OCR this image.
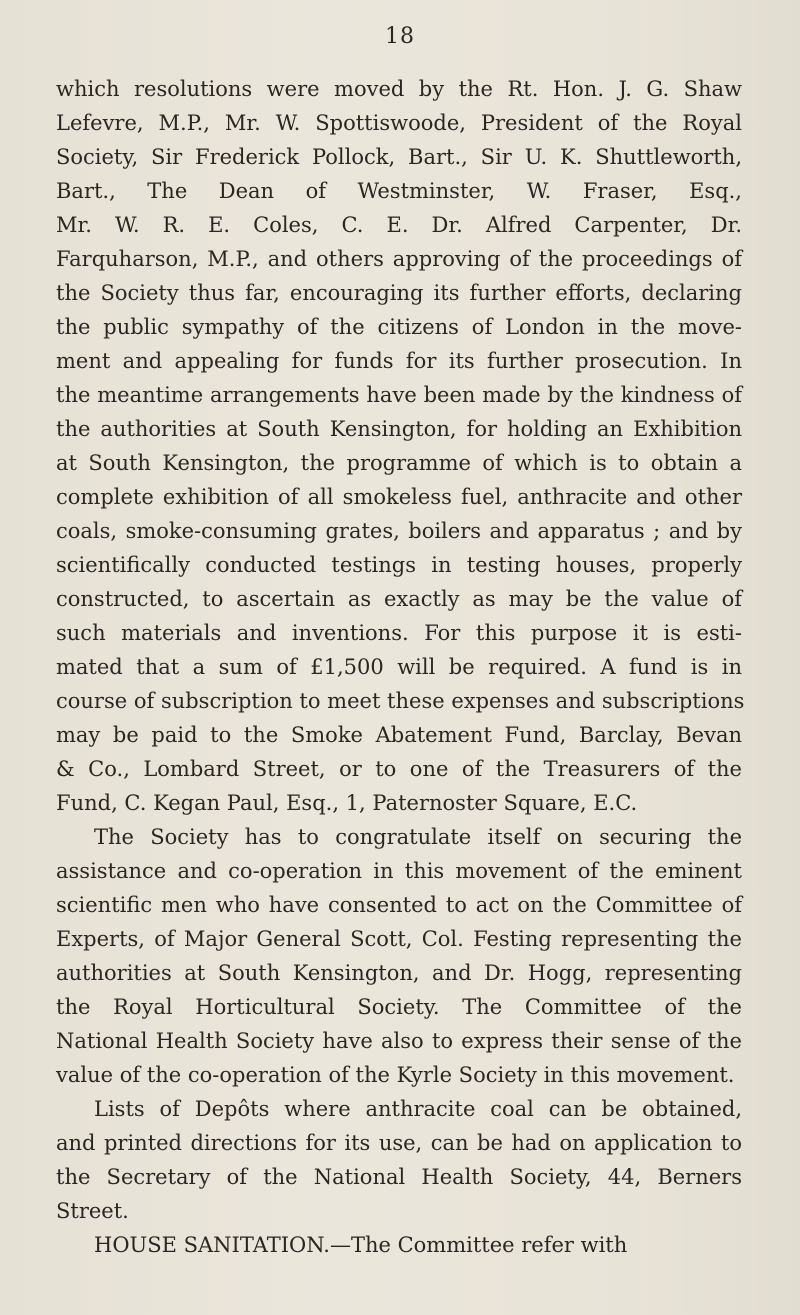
18
which resolutions were moved by the Rt. Hon. J. G. Shaw
Lefevre, M.P., Mr. W. Spottiswoode, President of the Royal
Society, Sir Frederick Pollock, Bart., Sir U. K. Shuttleworth,
Bart., The Dean of Westminster, W. Fraser, Esq.,
Mr. W. R. E. Coles, C. E. Dr. Alfred Carpenter, Dr.
Farquharson, M.P., and others approving of the proceedings of
the Society thus far, encouraging its further efforts, declaring
the public sympathy of the citizens of London in the move-
ment and appealing for funds for its further prosecution. In
the meantime arrangements have been made by the kindness of
the authorities at South Kensington, for holding an Exhibition
at South Kensington, the programme of which is to obtain a
complete exhibition of all smokeless fuel, anthracite and other
coals, smoke-consuming grates, boilers and apparatus ; and by
scientifically conducted testings in testing houses, properly
constructed, to ascertain as exactly as may be the value of
such materials and inventions. For this purpose it is esti-
mated that a sum of £1,500 will be required. A fund is in
course of subscription to meet these expenses and subscriptions
may be paid to the Smoke Abatement Fund, Barclay, Bevan
& Co., Lombard Street, or to one of the Treasurers of the
Fund, C. Kegan Paul, Esq., 1, Paternoster Square, E.C.
The Society has to congratulate itself on securing the
assistance and co-operation in this movement of the eminent
scientific men who have consented to act on the Committee of
Experts, of Major General Scott, Col. Festing representing the
authorities at South Kensington, and Dr. Hogg, representing
the Royal Horticultural Society. The Committee of the
National Health Society have also to express their sense of the
value of the co-operation of the Kyrle Society in this movement.
Lists of Depôts where anthracite coal can be obtained,
and printed directions for its use, can be had on application to
the Secretary of the National Health Society, 44, Berners
Street.
HOUSE SANITATION.—The Committee refer with
